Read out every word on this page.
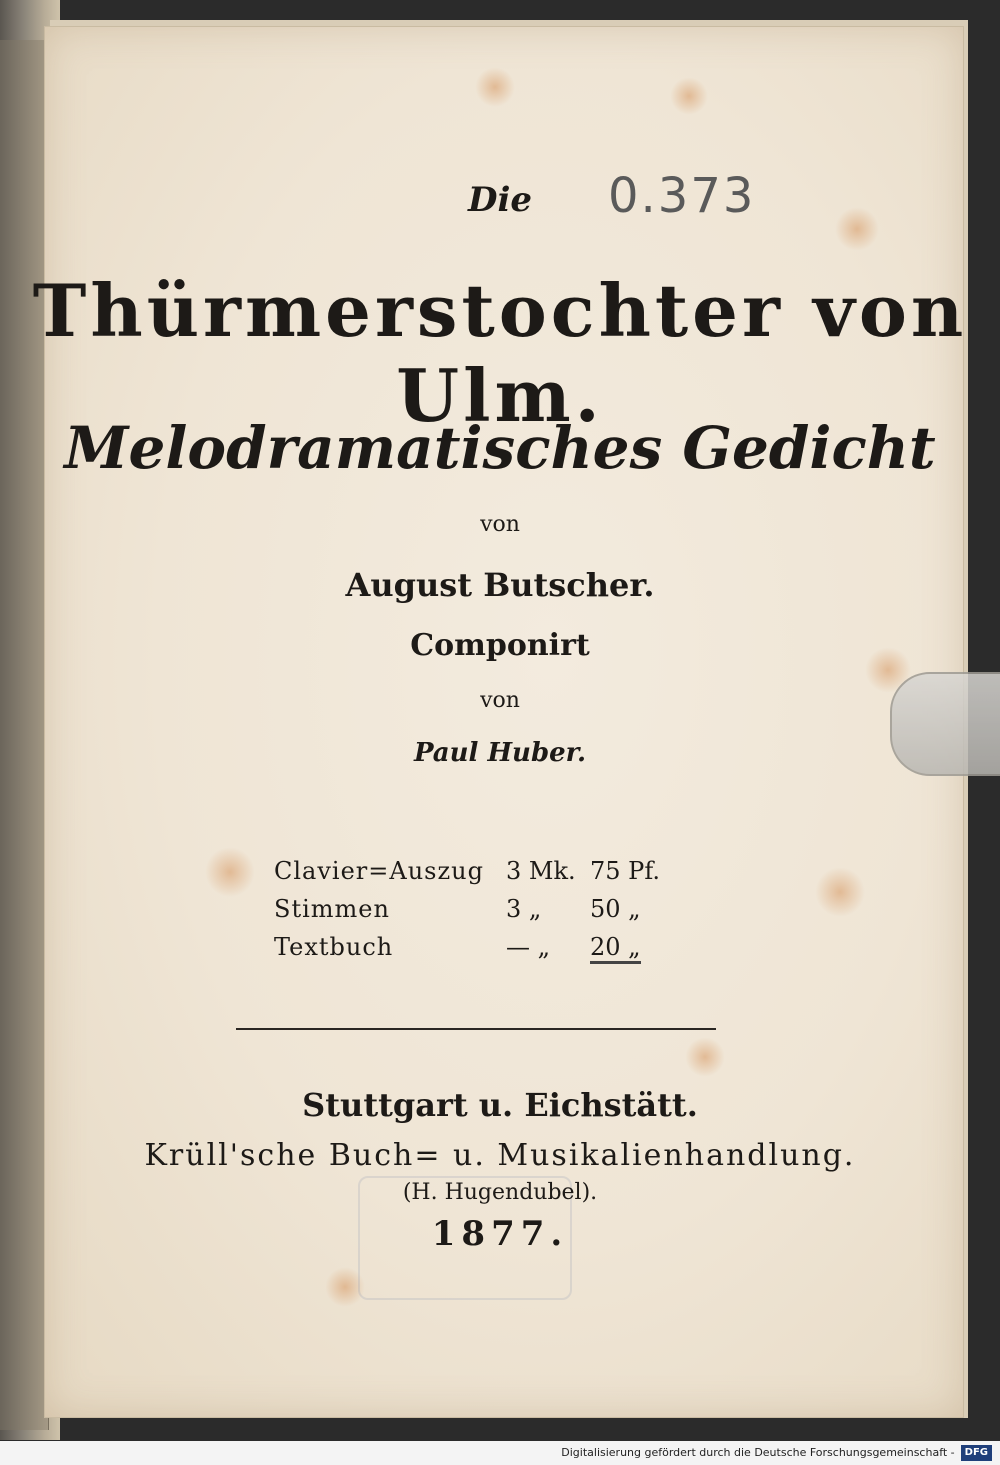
Die	0.373
Thürmerstochter von Ulm.
Melodramatisches Gedicht
von
August Butscher.
Componirt
von
Paul Huber.
Clavier=Auszug	3 Mk.	75 Pf.
Stimmen	3 „	50 „
Textbuch	— „	20 „
Stuttgart u. Eichstätt.
Krüll'sche Buch= u. Musikalienhandlung.
(H. Hugendubel).
1877.
Digitalisierung gefördert durch die Deutsche Forschungsgemeinschaft - DFG
